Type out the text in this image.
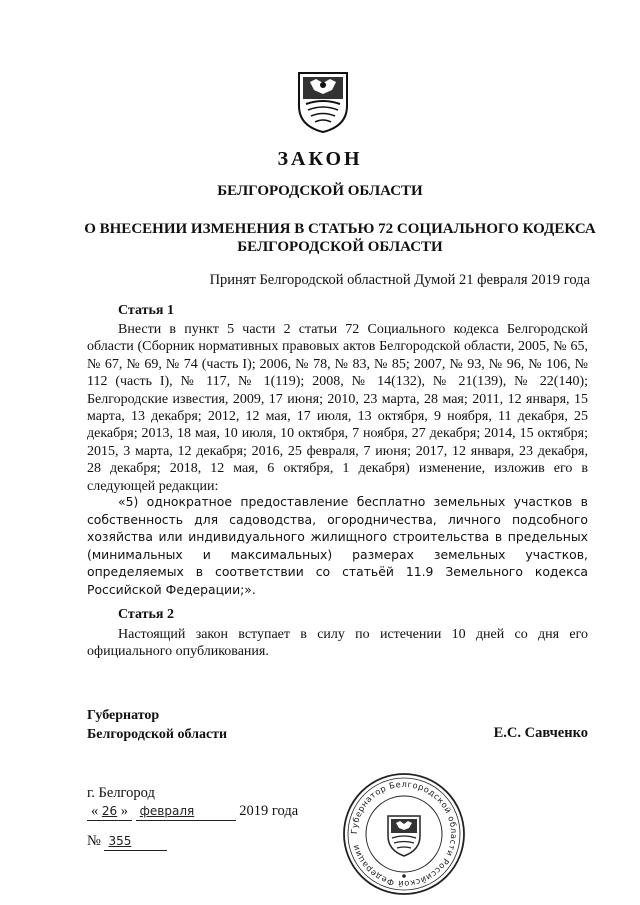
ЗАКОН
БЕЛГОРОДСКОЙ ОБЛАСТИ
О ВНЕСЕНИИ ИЗМЕНЕНИЯ В СТАТЬЮ 72 СОЦИАЛЬНОГО КОДЕКСА
БЕЛГОРОДСКОЙ ОБЛАСТИ
Принят Белгородской областной Думой 21 февраля 2019 года
Статья 1
Внести в пункт 5 части 2 статьи 72 Социального кодекса Белгородской области (Сборник нормативных правовых актов Белгородской области, 2005, № 65, № 67, № 69, № 74 (часть I); 2006, № 78, № 83, № 85; 2007, № 93, № 96, № 106, № 112 (часть I), № 117, № 1(119); 2008, № 14(132), № 21(139), № 22(140); Белгородские известия, 2009, 17 июня; 2010, 23 марта, 28 мая; 2011, 12 января, 15 марта, 13 декабря; 2012, 12 мая, 17 июля, 13 октября, 9 ноября, 11 декабря, 25 декабря; 2013, 18 мая, 10 июля, 10 октября, 7 ноября, 27 декабря; 2014, 15 октября; 2015, 3 марта, 12 декабря; 2016, 25 февраля, 7 июня; 2017, 12 января, 23 декабря, 28 декабря; 2018, 12 мая, 6 октября, 1 декабря) изменение, изложив его в следующей редакции:
«5) однократное предоставление бесплатно земельных участков в собственность для садоводства, огородничества, личного подсобного хозяйства или индивидуального жилищного строительства в предельных (минимальных и максимальных) размерах земельных участков, определяемых в соответствии со статьёй 11.9 Земельного кодекса Российской Федерации;».
Статья 2
Настоящий закон вступает в силу по истечении 10 дней со дня его официального опубликования.
Губернатор
Белгородской области	Е.С. Савченко
г. Белгород
« 26 » февраля	2019 года
№ 355
Губернатор Белгородской области Российской Федерации
